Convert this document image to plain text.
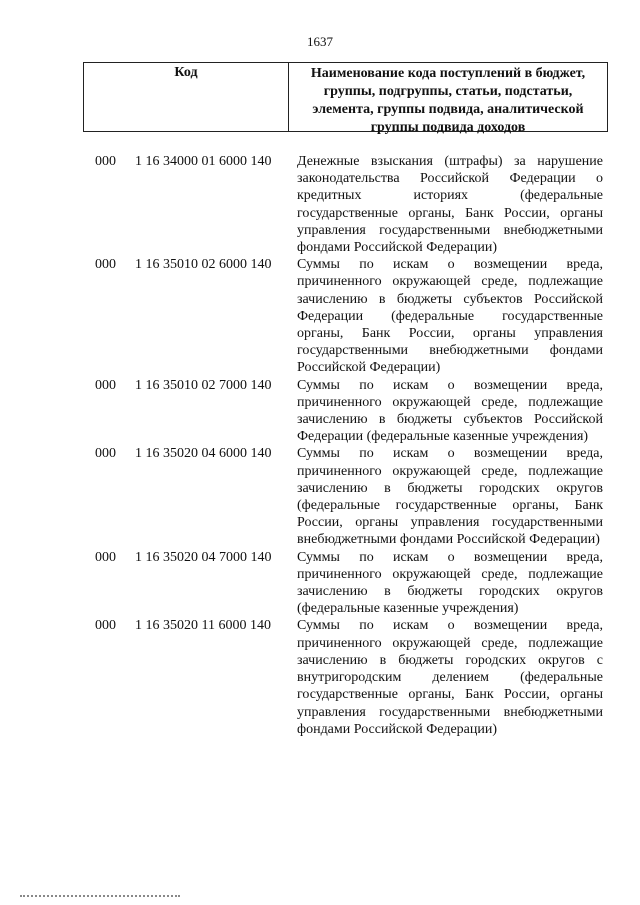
1637
Код	Наименование кода поступлений в бюджет, группы, подгруппы, статьи, подстатьи, элемента, группы подвида, аналитической группы подвида доходов
000	1 16 34000 01 6000 140	Денежные взыскания (штрафы) за нарушение законодательства Российской Федерации о кредитных историях (федеральные государственные органы, Банк России, органы управления государственными внебюджетными фондами Российской Федерации)
000	1 16 35010 02 6000 140	Суммы по искам о возмещении вреда, причиненного окружающей среде, подлежащие зачислению в бюджеты субъектов Российской Федерации (федеральные государственные органы, Банк России, органы управления государственными внебюджетными фондами Российской Федерации)
000	1 16 35010 02 7000 140	Суммы по искам о возмещении вреда, причиненного окружающей среде, подлежащие зачислению в бюджеты субъектов Российской Федерации (федеральные казенные учреждения)
000	1 16 35020 04 6000 140	Суммы по искам о возмещении вреда, причиненного окружающей среде, подлежащие зачислению в бюджеты городских округов (федеральные государственные органы, Банк России, органы управления государственными внебюджетными фондами Российской Федерации)
000	1 16 35020 04 7000 140	Суммы по искам о возмещении вреда, причиненного окружающей среде, подлежащие зачислению в бюджеты городских округов (федеральные казенные учреждения)
000	1 16 35020 11 6000 140	Суммы по искам о возмещении вреда, причиненного окружающей среде, подлежащие зачислению в бюджеты городских округов с внутригородским делением (федеральные государственные органы, Банк России, органы управления государственными внебюджетными фондами Российской Федерации)
